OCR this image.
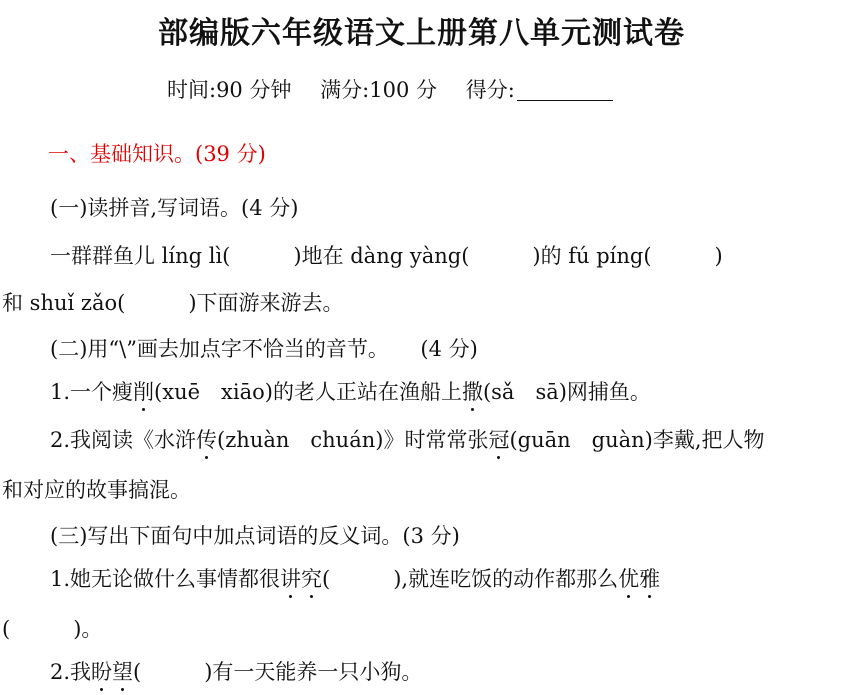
部编版六年级语文上册第八单元测试卷
时间:90 分钟 满分:100 分 得分:
一、基础知识。(39 分)
(一)读拼音,写词语。(4 分)
一群群鱼儿 líng lì(　　　)地在 dàng yàng(　　　)的 fú píng(　　　)
和 shuǐ zǎo(　　　)下面游来游去。
(二)用“\”画去加点字不恰当的音节。　　(4 分)
1.一个瘦削(xuē　xiāo)的老人正站在渔船上撒(sǎ　sā)网捕鱼。
2.我阅读《水浒传(zhuàn　chuán)》时常常张冠(guān　guàn)李戴,把人物
和对应的故事搞混。
(三)写出下面句中加点词语的反义词。(3 分)
1.她无论做什么事情都很讲究(　　　),就连吃饭的动作都那么优雅
(　　　)。
2.我盼望(　　　)有一天能养一只小狗。
